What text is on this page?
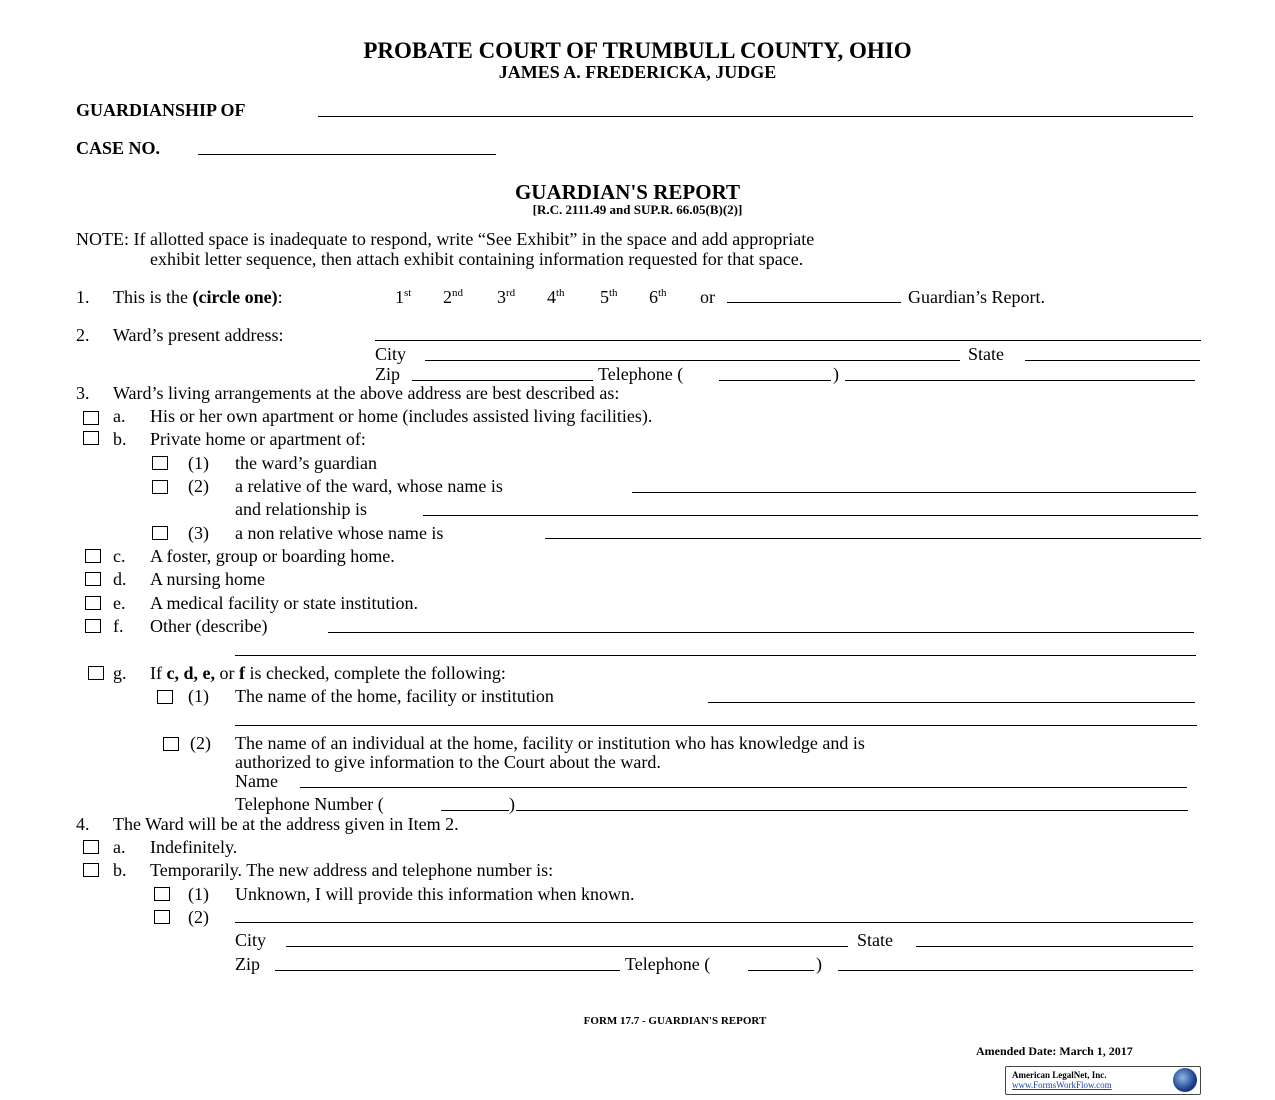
PROBATE COURT OF TRUMBULL COUNTY, OHIO
JAMES A. FREDERICKA, JUDGE
GUARDIANSHIP OF
CASE NO.
GUARDIAN'S REPORT
[R.C. 2111.49 and SUP.R. 66.05(B)(2)]
NOTE: If allotted space is inadequate to respond, write “See Exhibit” in the space and add appropriate
exhibit letter sequence, then attach exhibit containing information requested for that space.
1. This is the (circle one):	1st 2nd 3rd 4th 5th 6th or	Guardian’s Report.
2. Ward’s present address:
City	State
Zip	Telephone (	)
3. Ward’s living arrangements at the above address are best described as:
a. His or her own apartment or home (includes assisted living facilities).
b. Private home or apartment of:
(1) the ward’s guardian
(2) a relative of the ward, whose name is
and relationship is
(3) a non relative whose name is
c. A foster, group or boarding home.
d. A nursing home
e. A medical facility or state institution.
f. Other (describe)
g. If c, d, e, or f is checked, complete the following:
(1) The name of the home, facility or institution
(2) The name of an individual at the home, facility or institution who has knowledge and is
authorized to give information to the Court about the ward.
Name
Telephone Number (	)
4. The Ward will be at the address given in Item 2.
a. Indefinitely.
b. Temporarily. The new address and telephone number is:
(1) Unknown, I will provide this information when known.
(2)
City	State
Zip	Telephone (	)
FORM 17.7 - GUARDIAN'S REPORT
Amended Date: March 1, 2017
American LegalNet, Inc.
www.FormsWorkFlow.com
